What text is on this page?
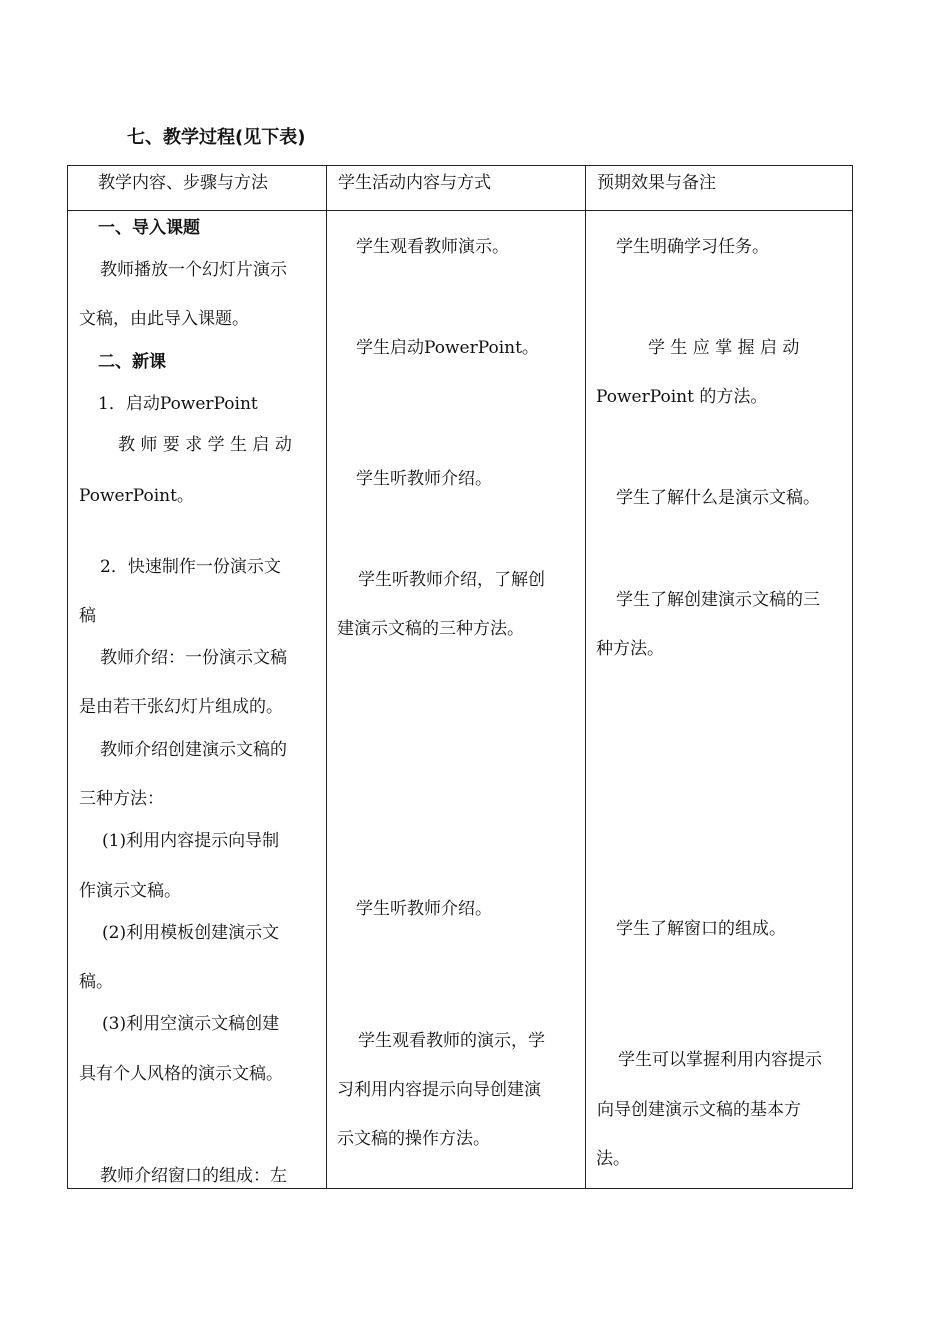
七、教学过程(见下表)
教学内容、步骤与方法	学生活动内容与方式	预期效果与备注
一、导入课题
教师播放一个幻灯片演示
文稿，由此导入课题。
二、新课
1．启动PowerPoint
教 师 要 求 学 生 启 动
PowerPoint。
2．快速制作一份演示文
稿
教师介绍：一份演示文稿
是由若干张幻灯片组成的。
教师介绍创建演示文稿的
三种方法：
(1)利用内容提示向导制
作演示文稿。
(2)利用模板创建演示文
稿。
(3)利用空演示文稿创建
具有个人风格的演示文稿。
教师介绍窗口的组成：左
学生观看教师演示。
学生启动PowerPoint。
学生听教师介绍。
学生听教师介绍，了解创
建演示文稿的三种方法。
学生听教师介绍。
学生观看教师的演示，学
习利用内容提示向导创建演
示文稿的操作方法。
学生明确学习任务。
学 生 应 掌 握 启 动
PowerPoint 的方法。
学生了解什么是演示文稿。
学生了解创建演示文稿的三
种方法。
学生了解窗口的组成。
学生可以掌握利用内容提示
向导创建演示文稿的基本方
法。
